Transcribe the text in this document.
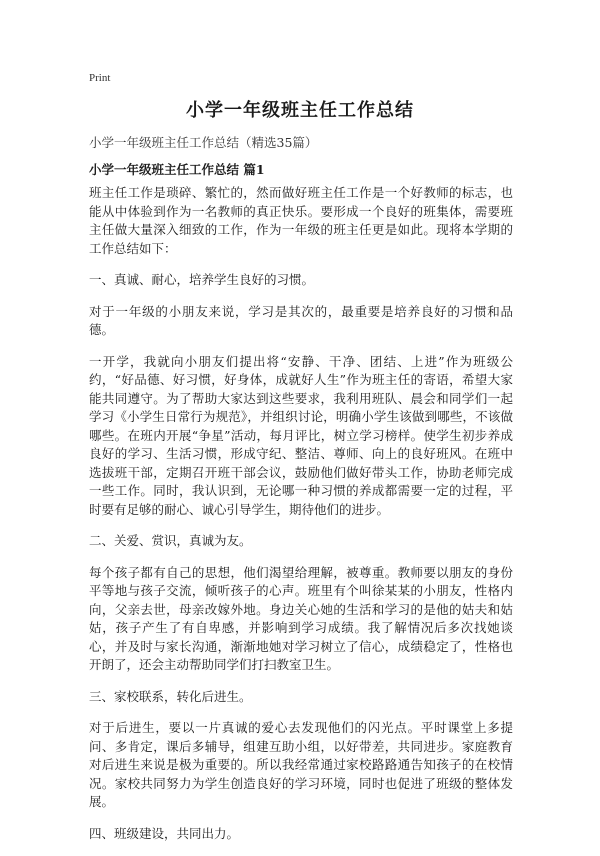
Print
小学一年级班主任工作总结
小学一年级班主任工作总结（精选35篇）
小学一年级班主任工作总结 篇1

班主任工作是琐碎、繁忙的，然而做好班主任工作是一个好教师的标志，也能从中体验到作为一名教师的真正快乐。要形成一个良好的班集体，需要班主任做大量深入细致的工作，作为一年级的班主任更是如此。现将本学期的工作总结如下：

一、真诚、耐心，培养学生良好的习惯。

对于一年级的小朋友来说，学习是其次的，最重要是培养良好的习惯和品德。

一开学，我就向小朋友们提出将“安静、干净、团结、上进”作为班级公约，“好品德、好习惯，好身体，成就好人生”作为班主任的寄语，希望大家能共同遵守。为了帮助大家达到这些要求，我利用班队、晨会和同学们一起学习《小学生日常行为规范》，并组织讨论，明确小学生该做到哪些，不该做哪些。在班内开展“争星”活动，每月评比，树立学习榜样。使学生初步养成良好的学习、生活习惯，形成守纪、整洁、尊师、向上的良好班风。在班中选拔班干部，定期召开班干部会议，鼓励他们做好带头工作，协助老师完成一些工作。同时，我认识到，无论哪一种习惯的养成都需要一定的过程，平时要有足够的耐心、诚心引导学生，期待他们的进步。

二、关爱、赏识，真诚为友。

每个孩子都有自己的思想，他们渴望给理解，被尊重。教师要以朋友的身份平等地与孩子交流，倾听孩子的心声。班里有个叫徐某某的小朋友，性格内向，父亲去世，母亲改嫁外地。身边关心她的生活和学习的是他的姑夫和姑姑，孩子产生了有自卑感，并影响到学习成绩。我了解情况后多次找她谈心，并及时与家长沟通，渐渐地她对学习树立了信心，成绩稳定了，性格也开朗了，还会主动帮助同学们打扫教室卫生。

三、家校联系，转化后进生。

对于后进生，要以一片真诚的爱心去发现他们的闪光点。平时课堂上多提问、多肯定，课后多辅导，组建互助小组，以好带差，共同进步。家庭教育对后进生来说是极为重要的。所以我经常通过家校路路通告知孩子的在校情况。家校共同努力为学生创造良好的学习环境，同时也促进了班级的整体发展。

四、班级建设，共同出力。
